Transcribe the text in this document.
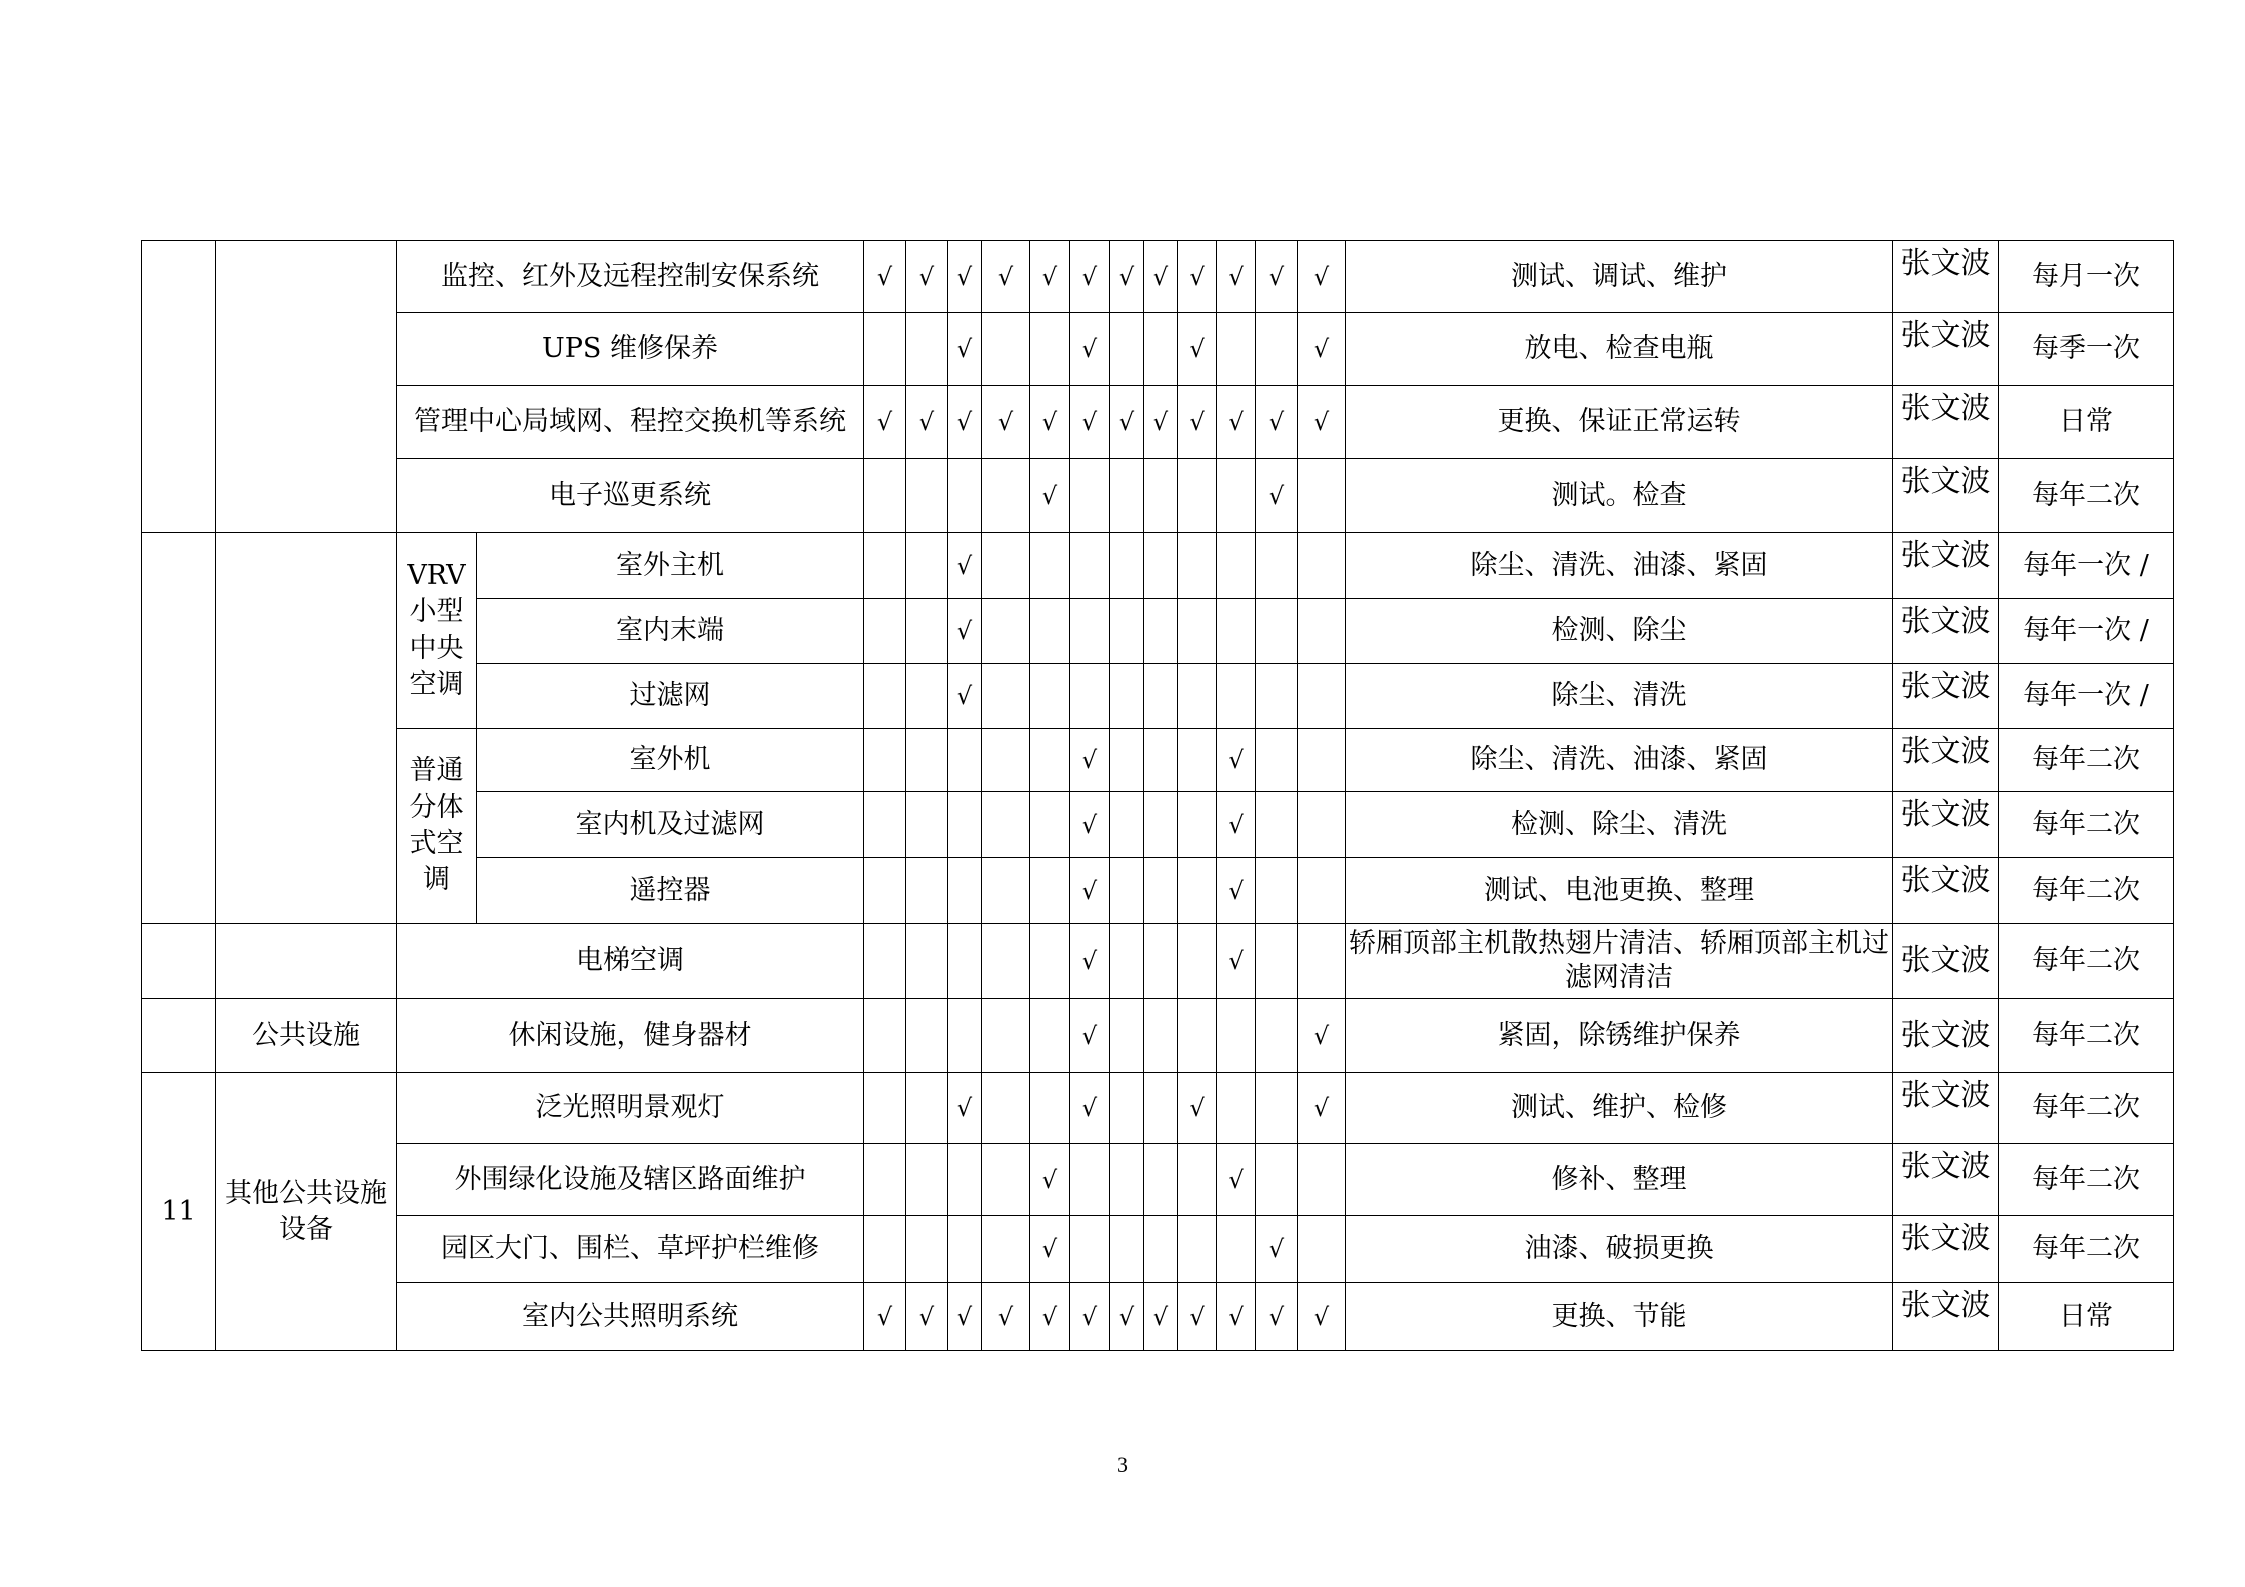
		监控、红外及远程控制安保系统		√	√	√	√	√	√	√	√	√	√	√	√	测试、调试、维护	张文波	每月一次
		UPS 维修保养				√			√			√			√	放电、检查电瓶	张文波	每季一次
		管理中心局域网、程控交换机等系统		√	√	√	√	√	√	√	√	√	√	√	√	更换、保证正常运转	张文波	日常
		电子巡更系统						√						√		测试。检查	张文波	每年二次
		VRV 小型中央空调	室外主机			√										除尘、清洗、油漆、紧固	张文波	每年一次 /
			室内末端			√										检测、除尘	张文波	每年一次 /
			过滤网			√										除尘、清洗	张文波	每年一次 /
		普通分体式空调	室外机						√				√			除尘、清洗、油漆、紧固	张文波	每年二次
			室内机及过滤网						√				√			检测、除尘、清洗	张文波	每年二次
			遥控器						√				√			测试、电池更换、整理	张文波	每年二次
		电梯空调							√				√			轿厢顶部主机散热翅片清洁、轿厢顶部主机过滤网清洁	张文波	每年二次
	公共设施	休闲设施，健身器材							√						√	紧固，除锈维护保养	张文波	每年二次
11	其他公共设施设备	泛光照明景观灯				√			√			√			√	测试、维护、检修	张文波	每年二次
		外围绿化设施及辖区路面维护						√					√			修补、整理	张文波	每年二次
		园区大门、围栏、草坪护栏维修						√						√		油漆、破损更换	张文波	每年二次
		室内公共照明系统		√	√	√	√	√	√	√	√	√	√	√	√	更换、节能	张文波	日常
3
